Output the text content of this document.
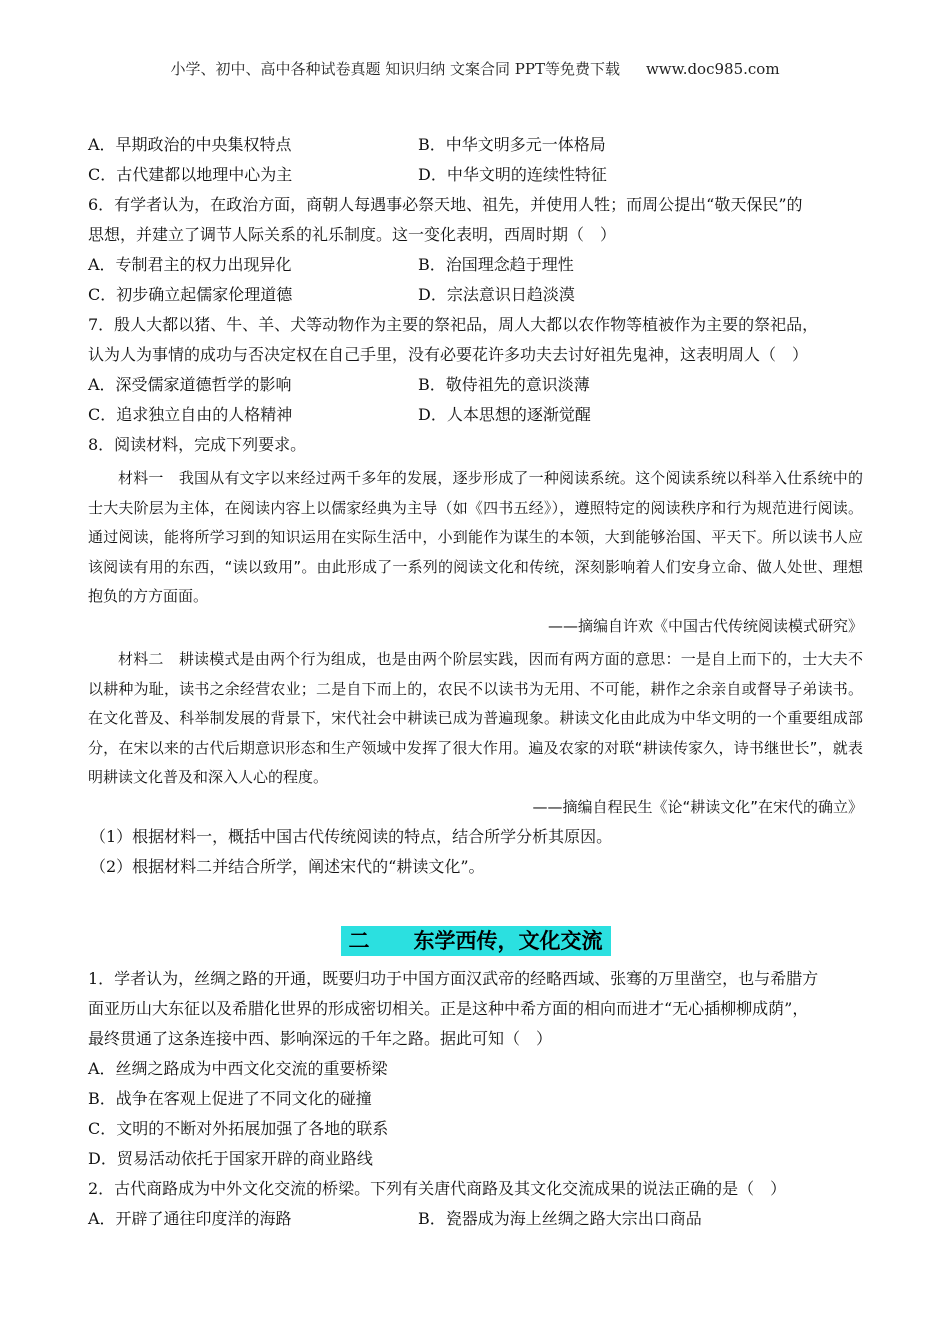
小学、初中、高中各种试卷真题 知识归纳 文案合同 PPT等免费下载 www.doc985.com
A．早期政治的中央集权特点	B．中华文明多元一体格局
C．古代建都以地理中心为主	D．中华文明的连续性特征
6．有学者认为，在政治方面，商朝人每遇事必祭天地、祖先，并使用人牲；而周公提出“敬天保民”的
思想，并建立了调节人际关系的礼乐制度。这一变化表明，西周时期（　）
A．专制君主的权力出现异化	B．治国理念趋于理性
C．初步确立起儒家伦理道德	D．宗法意识日趋淡漠
7．殷人大都以猪、牛、羊、犬等动物作为主要的祭祀品，周人大都以农作物等植被作为主要的祭祀品，
认为人为事情的成功与否决定权在自己手里，没有必要花许多功夫去讨好祖先鬼神，这表明周人（　）
A．深受儒家道德哲学的影响	B．敬侍祖先的意识淡薄
C．追求独立自由的人格精神	D．人本思想的逐渐觉醒
8．阅读材料，完成下列要求。
材料一　我国从有文字以来经过两千多年的发展，逐步形成了一种阅读系统。这个阅读系统以科举入仕系统中的士大夫阶层为主体，在阅读内容上以儒家经典为主导（如《四书五经》），遵照特定的阅读秩序和行为规范进行阅读。通过阅读，能将所学习到的知识运用在实际生活中，小到能作为谋生的本领，大到能够治国、平天下。所以读书人应该阅读有用的东西，“读以致用”。由此形成了一系列的阅读文化和传统，深刻影响着人们安身立命、做人处世、理想抱负的方方面面。
——摘编自许欢《中国古代传统阅读模式研究》
材料二　耕读模式是由两个行为组成，也是由两个阶层实践，因而有两方面的意思：一是自上而下的，士大夫不以耕种为耻，读书之余经营农业；二是自下而上的，农民不以读书为无用、不可能，耕作之余亲自或督导子弟读书。在文化普及、科举制发展的背景下，宋代社会中耕读已成为普遍现象。耕读文化由此成为中华文明的一个重要组成部分，在宋以来的古代后期意识形态和生产领域中发挥了很大作用。遍及农家的对联“耕读传家久，诗书继世长”，就表明耕读文化普及和深入人心的程度。
——摘编自程民生《论“耕读文化”在宋代的确立》
（1）根据材料一，概括中国古代传统阅读的特点，结合所学分析其原因。
（2）根据材料二并结合所学，阐述宋代的“耕读文化”。
二 东学西传，文化交流
1．学者认为，丝绸之路的开通，既要归功于中国方面汉武帝的经略西域、张骞的万里凿空，也与希腊方
面亚历山大东征以及希腊化世界的形成密切相关。正是这种中希方面的相向而进才“无心插柳柳成荫”，
最终贯通了这条连接中西、影响深远的千年之路。据此可知（　）
A．丝绸之路成为中西文化交流的重要桥梁
B．战争在客观上促进了不同文化的碰撞
C．文明的不断对外拓展加强了各地的联系
D．贸易活动依托于国家开辟的商业路线
2．古代商路成为中外文化交流的桥梁。下列有关唐代商路及其文化交流成果的说法正确的是（　）
A．开辟了通往印度洋的海路	B．瓷器成为海上丝绸之路大宗出口商品
